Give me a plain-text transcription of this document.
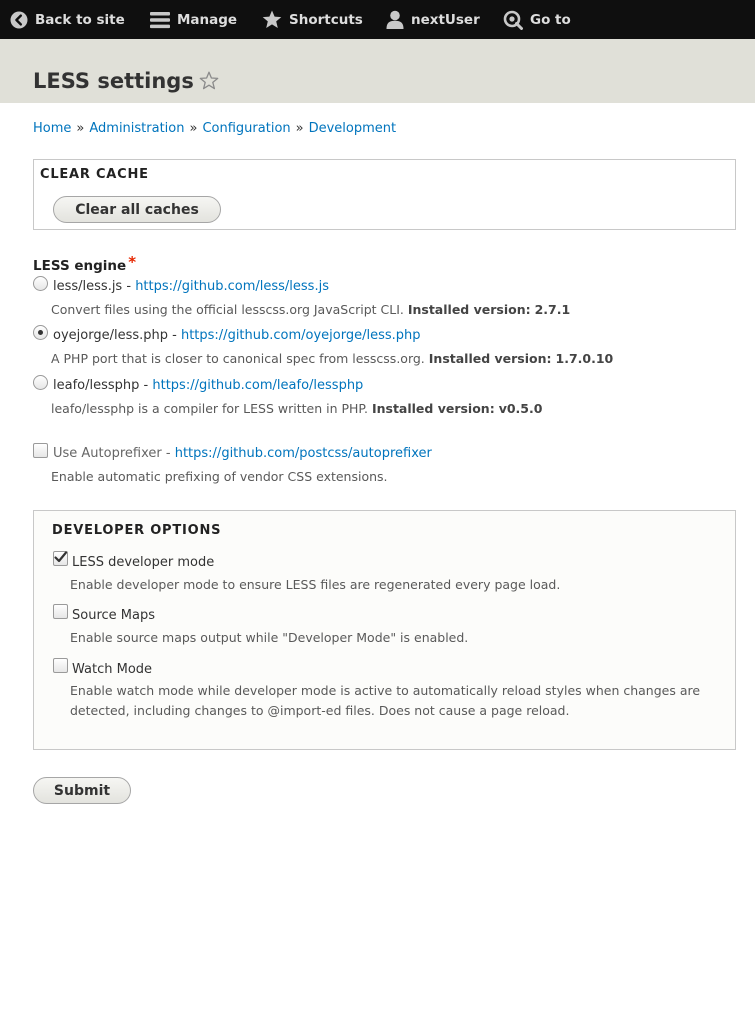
Back to site	Manage	Shortcuts	nextUser	Go to
LESS settings
Home » Administration » Configuration » Development
CLEAR CACHE
Clear all caches
LESS engine *
less/less.js - https://github.com/less/less.js
Convert files using the official lesscss.org JavaScript CLI. Installed version: 2.7.1
oyejorge/less.php - https://github.com/oyejorge/less.php
A PHP port that is closer to canonical spec from lesscss.org. Installed version: 1.7.0.10
leafo/lessphp - https://github.com/leafo/lessphp
leafo/lessphp is a compiler for LESS written in PHP. Installed version: v0.5.0
Use Autoprefixer - https://github.com/postcss/autoprefixer
Enable automatic prefixing of vendor CSS extensions.
DEVELOPER OPTIONS
LESS developer mode
Enable developer mode to ensure LESS files are regenerated every page load.
Source Maps
Enable source maps output while "Developer Mode" is enabled.
Watch Mode
Enable watch mode while developer mode is active to automatically reload styles when changes are detected, including changes to @import-ed files. Does not cause a page reload.
Submit
